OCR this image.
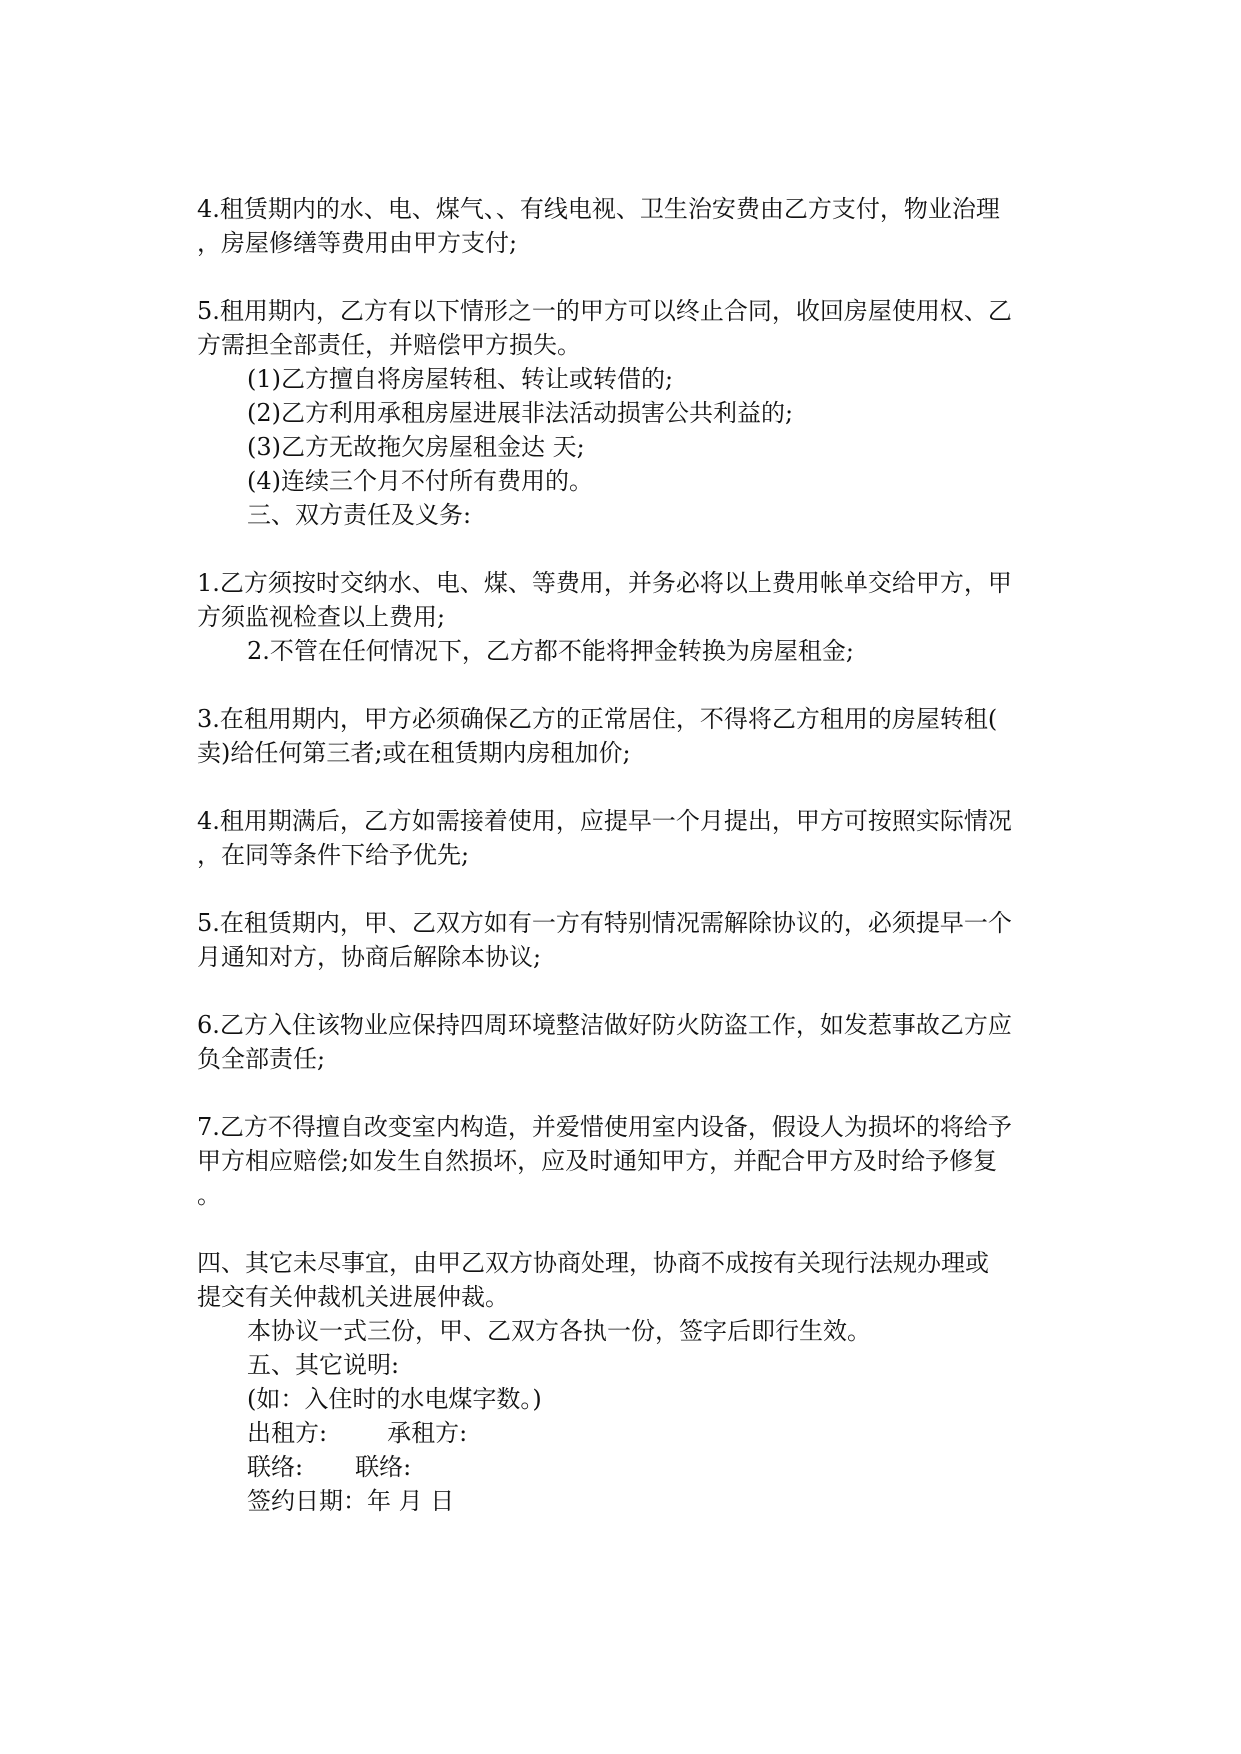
4.租赁期内的水、电、煤气、、有线电视、卫生治安费由乙方支付，物业治理
，房屋修缮等费用由甲方支付;
5.租用期内，乙方有以下情形之一的甲方可以终止合同，收回房屋使用权、乙
方需担全部责任，并赔偿甲方损失。
(1)乙方擅自将房屋转租、转让或转借的;
(2)乙方利用承租房屋进展非法活动损害公共利益的;
(3)乙方无故拖欠房屋租金达 天;
(4)连续三个月不付所有费用的。
三、双方责任及义务:
1.乙方须按时交纳水、电、煤、等费用，并务必将以上费用帐单交给甲方，甲
方须监视检查以上费用;
2.不管在任何情况下，乙方都不能将押金转换为房屋租金;
3.在租用期内，甲方必须确保乙方的正常居住，不得将乙方租用的房屋转租(
卖)给任何第三者;或在租赁期内房租加价;
4.租用期满后，乙方如需接着使用，应提早一个月提出，甲方可按照实际情况
，在同等条件下给予优先;
5.在租赁期内，甲、乙双方如有一方有特别情况需解除协议的，必须提早一个
月通知对方，协商后解除本协议;
6.乙方入住该物业应保持四周环境整洁做好防火防盗工作，如发惹事故乙方应
负全部责任;
7.乙方不得擅自改变室内构造，并爱惜使用室内设备，假设人为损坏的将给予
甲方相应赔偿;如发生自然损坏，应及时通知甲方，并配合甲方及时给予修复
。
四、其它未尽事宜，由甲乙双方协商处理，协商不成按有关现行法规办理或
提交有关仲裁机关进展仲裁。
本协议一式三份，甲、乙双方各执一份，签字后即行生效。
五、其它说明:
(如：入住时的水电煤字数。)
出租方:	承租方:
联络: 联络:
签约日期：年 月 日
